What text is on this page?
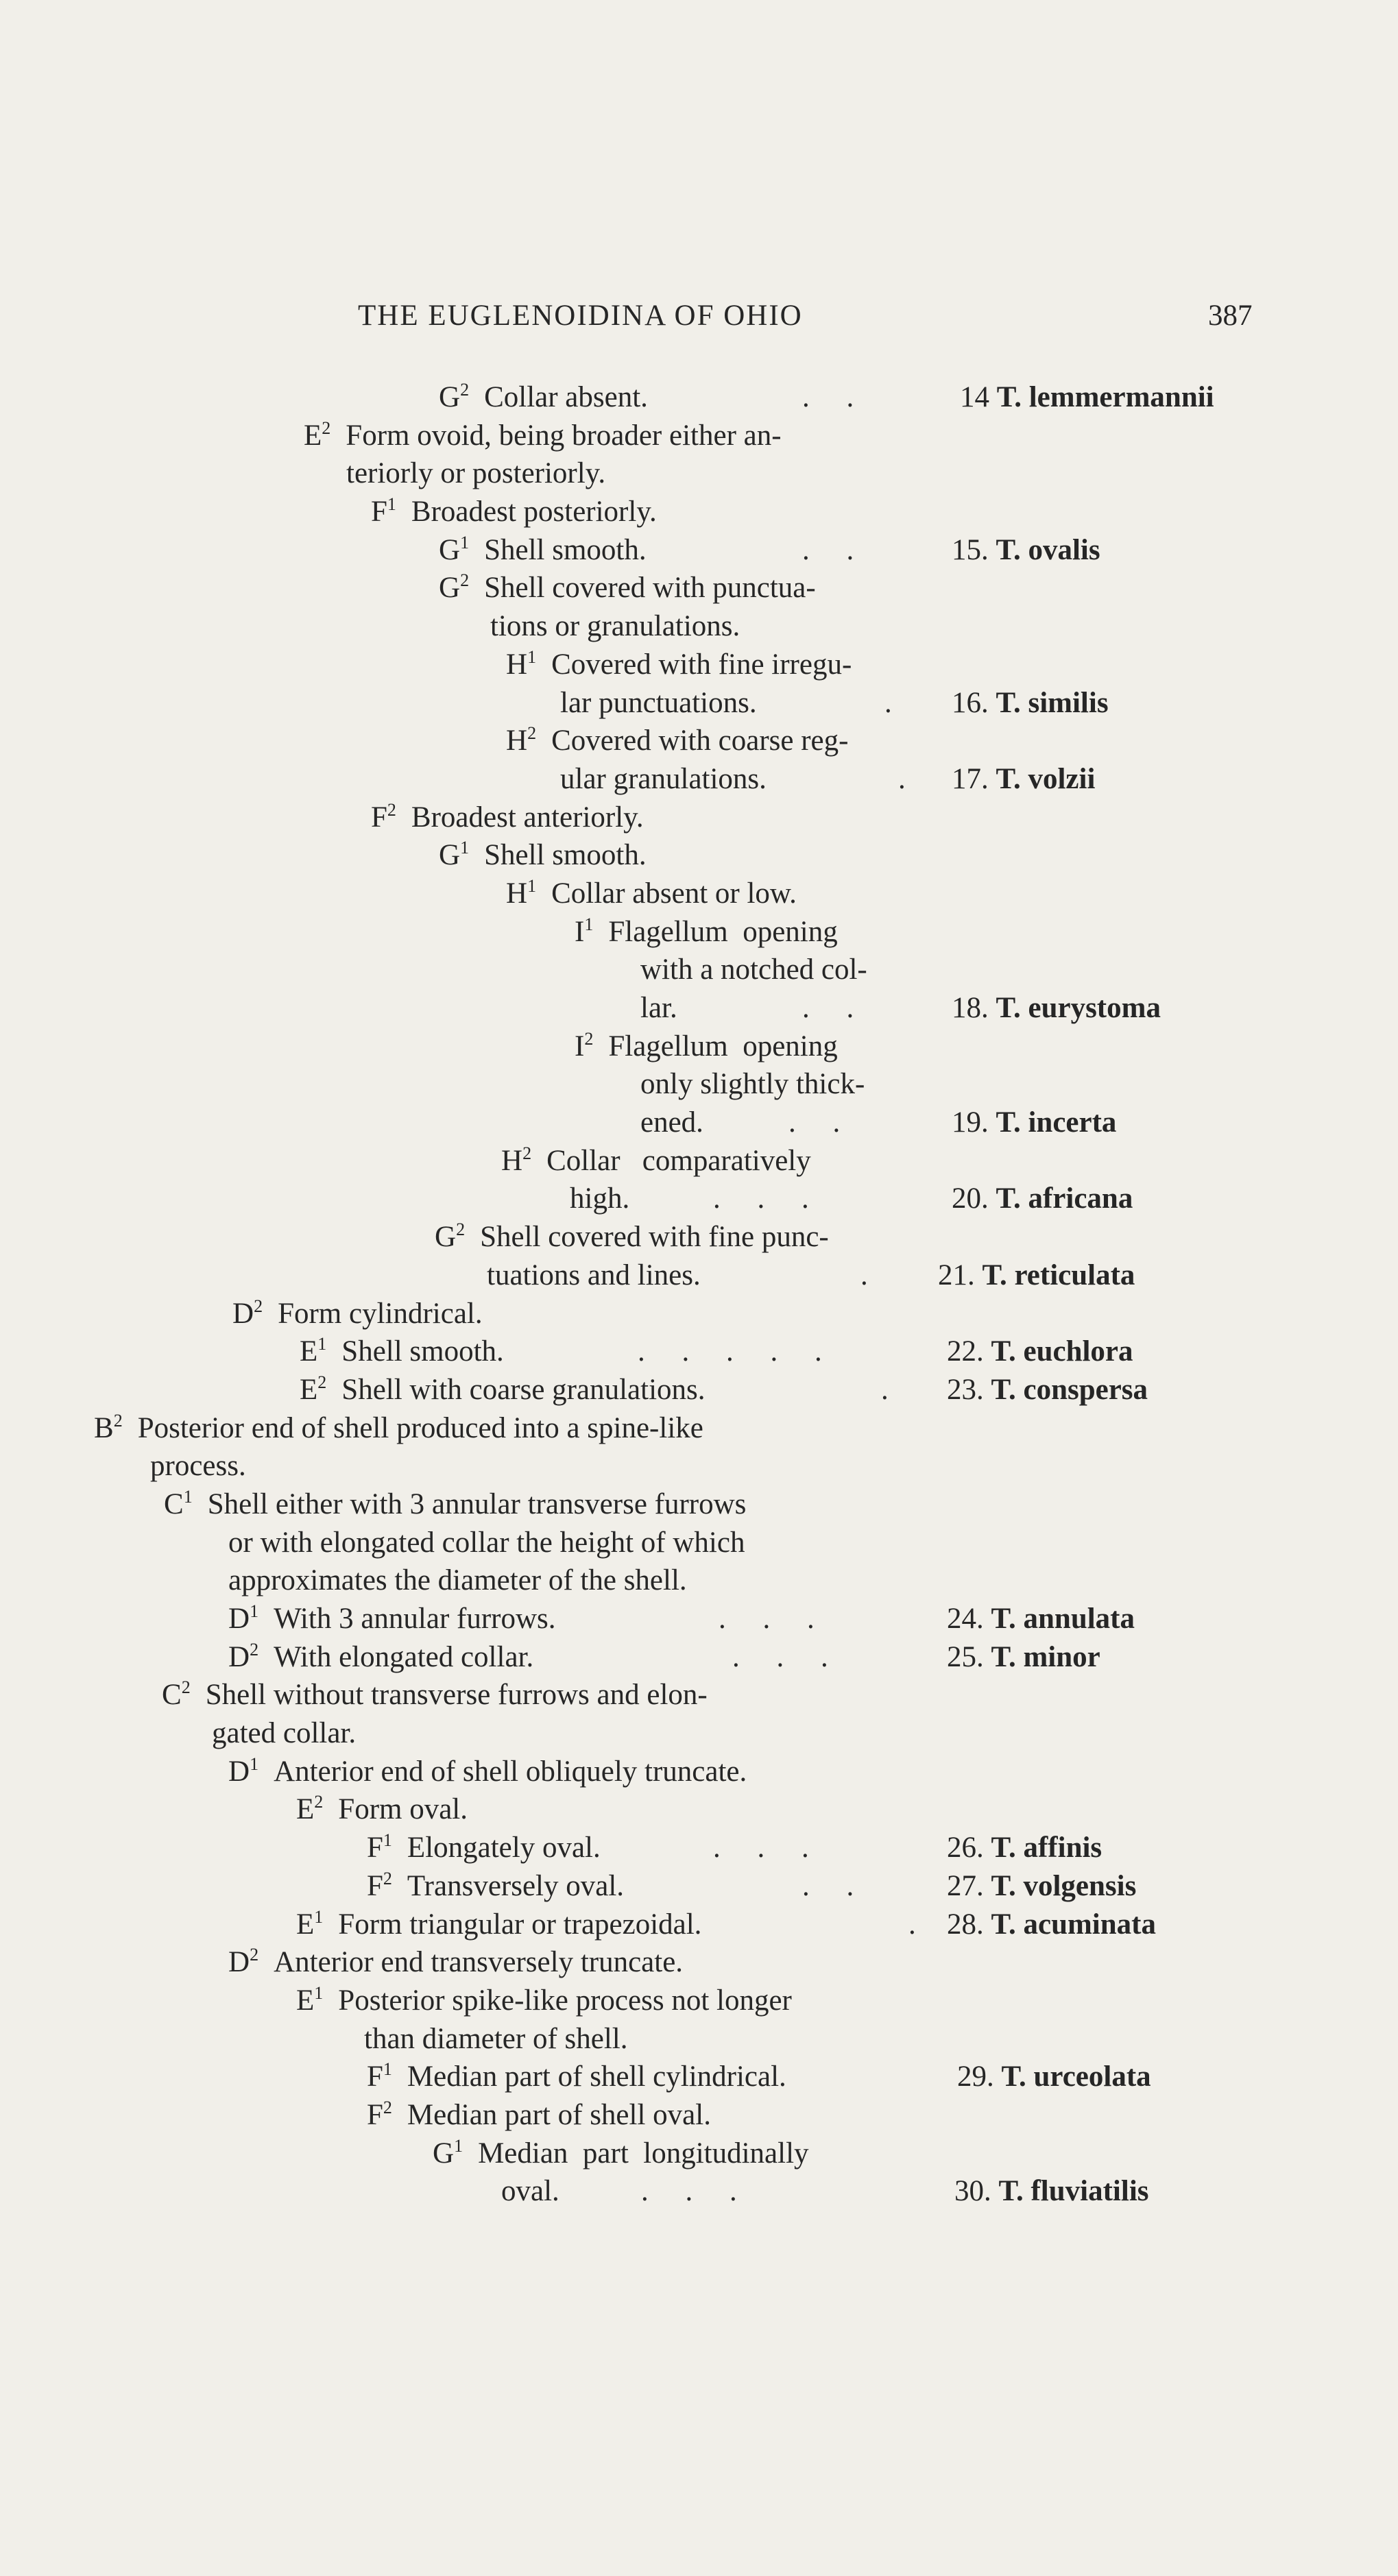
THE EUGLENOIDINA OF OHIO	387
$G^2$ Collar absent.	.     .	14 T. lemmermannii
$E^2$ Form ovoid, being broader either an-
teriorly or posteriorly.
$F^1$ Broadest posteriorly.
$G^1$ Shell smooth.	.     .	15. T. ovalis
$G^2$ Shell covered with punctua-
tions or granulations.
$H^1$ Covered with fine irregu-
lar punctuations.	. 16. T. similis
$H^2$ Covered with coarse reg-
ular granulations.	. 17. T. volzii
$F^2$ Broadest anteriorly.
$G^1$ Shell smooth.
$H^1$ Collar absent or low.
$I^1$ Flagellum  opening
with a notched col-
lar.	.     .	18. T. eurystoma
$I^2$ Flagellum  opening
only slightly thick-
ened.	.     .	19. T. incerta
$H^2$ Collar   comparatively
high.	.     .     .	20. T. africana
$G^2$ Shell covered with fine punc-
tuations and lines.	. 21. T. reticulata
$D^2$ Form cylindrical.
$E^1$ Shell smooth.	.     .     .     .     .	22. T. euchlora
$E^2$ Shell with coarse granulations.	. 23. T. conspersa
$B^2$ Posterior end of shell produced into a spine-like
process.
$C^1$ Shell either with 3 annular transverse furrows
or with elongated collar the height of which
approximates the diameter of the shell.
$D^1$ With 3 annular furrows.	.     .     .	24. T. annulata
$D^2$ With elongated collar.	.     .     .	25. T. minor
$C^2$ Shell without transverse furrows and elon-
gated collar.
$D^1$ Anterior end of shell obliquely truncate.
$E^2$ Form oval.
$F^1$ Elongately oval.	.     .     .	26. T. affinis
$F^2$ Transversely oval.	.     .	27. T. volgensis
$E^1$ Form triangular or trapezoidal.	. 28. T. acuminata
$D^2$ Anterior end transversely truncate.
$E^1$ Posterior spike-like process not longer
than diameter of shell.
$F^1$ Median part of shell cylindrical.	29. T. urceolata
$F^2$ Median part of shell oval.
$G^1$ Median  part  longitudinally
oval.	.     .     .	30. T. fluviatilis
